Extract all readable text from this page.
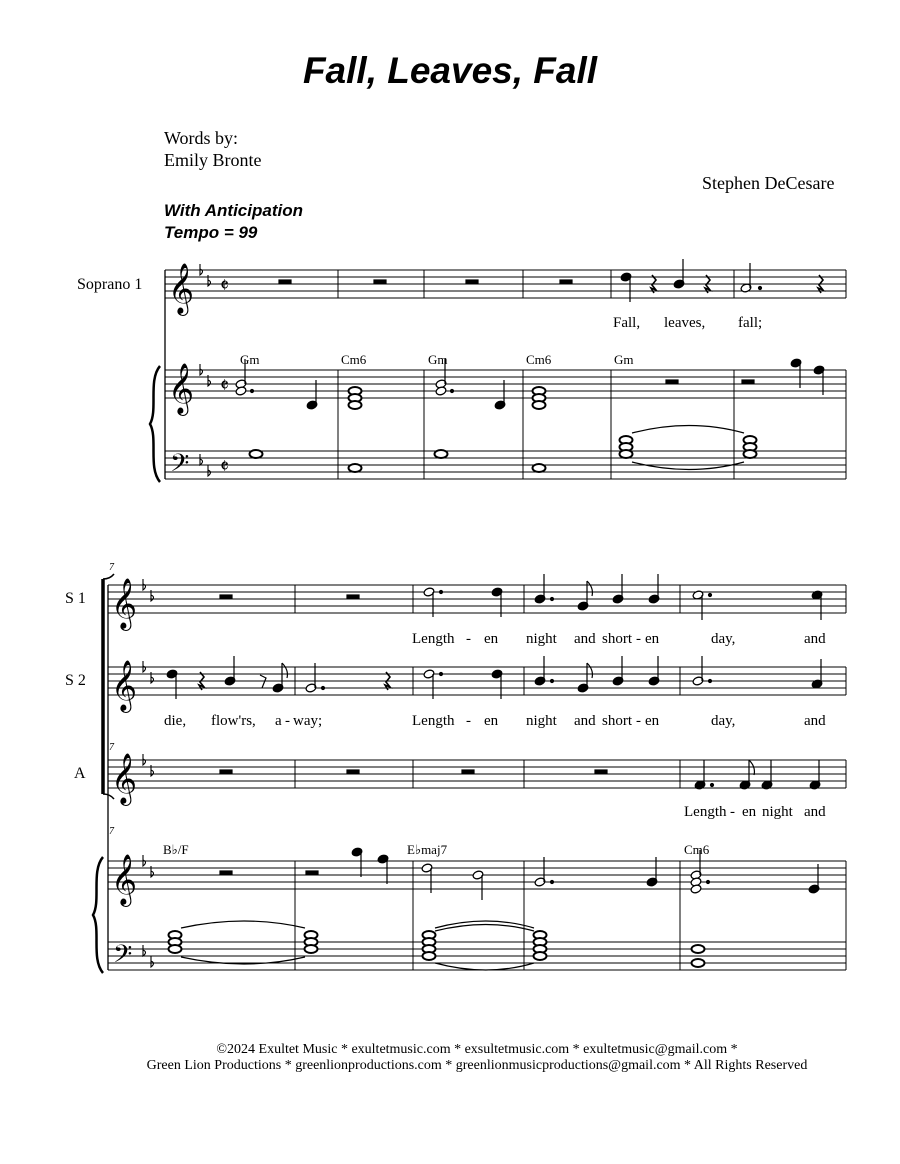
Fall, Leaves, Fall
Words by:
Emily Bronte
Stephen DeCesare
With Anticipation
Tempo = 99
Soprano 1
Gm	Cm6	Gm	Cm6	Gm
Fall, leaves, fall;
S 1
S 2
A
7
7
7
Length - en night and short - en	day,	and
die, flow'rs, a - way;	Length - en night and short - en	day,	and
Length - en night and
B♭/F	E♭maj7	Cm6
©2024 Exultet Music * exultetmusic.com * exsultetmusic.com * exultetmusic@gmail.com *
Green Lion Productions * greenlionproductions.com * greenlionmusicproductions@gmail.com * All Rights Reserved
𝄞
𝄞
𝄢
𝄵
𝄵
𝄵
𝄞
𝄞
𝄞
𝄞
𝄢
